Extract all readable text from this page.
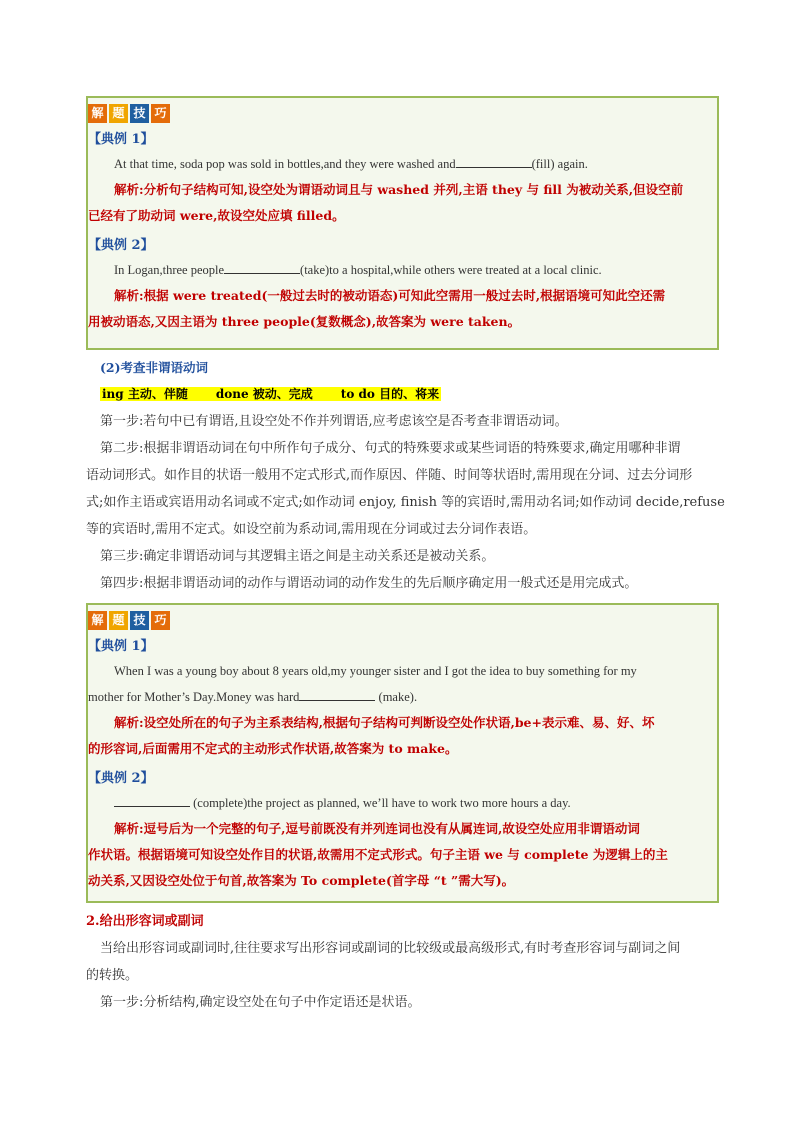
解 题 技 巧

【典例 1】

At that time, soda pop was sold in bottles,and they were washed and	(fill) again.

解析:分析句子结构可知,设空处为谓语动词且与 washed 并列,主语 they 与 fill 为被动关系,但设空前

已经有了助动词 were,故设空处应填 filled。

【典例 2】

In Logan,three people	(take)to a hospital,while others were treated at a local clinic.

解析:根据 were treated(一般过去时的被动语态)可知此空需用一般过去时,根据语境可知此空还需

用被动语态,又因主语为 three people(复数概念),故答案为 were taken。

(2)考查非谓语动词

ing 主动、伴随 done 被动、完成 to do 目的、将来

第一步:若句中已有谓语,且设空处不作并列谓语,应考虑该空是否考查非谓语动词。

第二步:根据非谓语动词在句中所作句子成分、句式的特殊要求或某些词语的特殊要求,确定用哪种非谓

语动词形式。如作目的状语一般用不定式形式,而作原因、伴随、时间等状语时,需用现在分词、过去分词形

式;如作主语或宾语用动名词或不定式;如作动词 enjoy, finish 等的宾语时,需用动名词;如作动词 decide,refuse

等的宾语时,需用不定式。如设空前为系动词,需用现在分词或过去分词作表语。

第三步:确定非谓语动词与其逻辑主语之间是主动关系还是被动关系。

第四步:根据非谓语动词的动作与谓语动词的动作发生的先后顺序确定用一般式还是用完成式。

解 题 技 巧

【典例 1】

When I was a young boy about 8 years old,my younger sister and I got the idea to buy something for my

mother for Mother’s Day.Money was hard	(make).

解析:设空处所在的句子为主系表结构,根据句子结构可判断设空处作状语,be+表示难、易、好、坏

的形容词,后面需用不定式的主动形式作状语,故答案为 to make。

【典例 2】

(complete)the project as planned, we’ll have to work two more hours a day.

解析:逗号后为一个完整的句子,逗号前既没有并列连词也没有从属连词,故设空处应用非谓语动词

作状语。根据语境可知设空处作目的状语,故需用不定式形式。句子主语 we 与 complete 为逻辑上的主

动关系,又因设空处位于句首,故答案为 To complete(首字母 “t ”需大写)。

2.给出形容词或副词

当给出形容词或副词时,往往要求写出形容词或副词的比较级或最高级形式,有时考查形容词与副词之间

的转换。

第一步:分析结构,确定设空处在句子中作定语还是状语。
